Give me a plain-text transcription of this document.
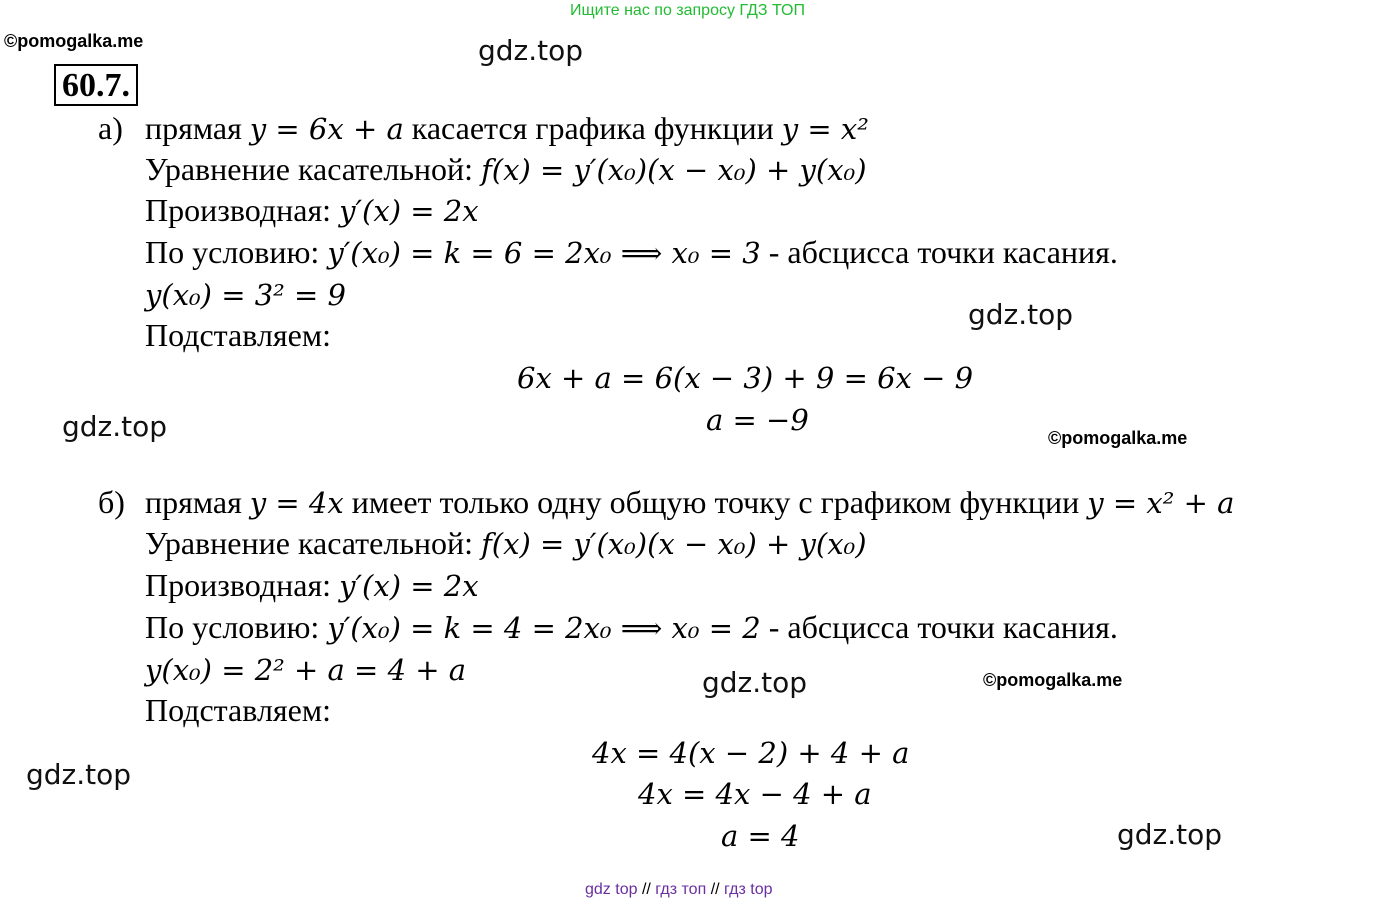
Ищите нас по запросу ГДЗ ТОП
©pomogalka.me
©pomogalka.me
©pomogalka.me
gdz.top
gdz.top
gdz.top
gdz.top
gdz.top
gdz.top
60.7.
а) прямая y = 6x + a касается графика функции y = x²
Уравнение касательной: f(x) = y′(x₀)(x − x₀) + y(x₀)
Производная: y′(x) = 2x
По условию: y′(x₀) = k = 6 = 2x₀ ⟹ x₀ = 3 - абсцисса точки касания.
y(x₀) = 3² = 9
Подставляем:
6x + a = 6(x − 3) + 9 = 6x − 9
a = −9
б) прямая y = 4x имеет только одну общую точку с графиком функции y = x² + a
Уравнение касательной: f(x) = y′(x₀)(x − x₀) + y(x₀)
Производная: y′(x) = 2x
По условию: y′(x₀) = k = 4 = 2x₀ ⟹ x₀ = 2 - абсцисса точки касания.
y(x₀) = 2² + a = 4 + a
Подставляем:
4x = 4(x − 2) + 4 + a
4x = 4x − 4 + a
a = 4
gdz top // гдз топ // гдз top
